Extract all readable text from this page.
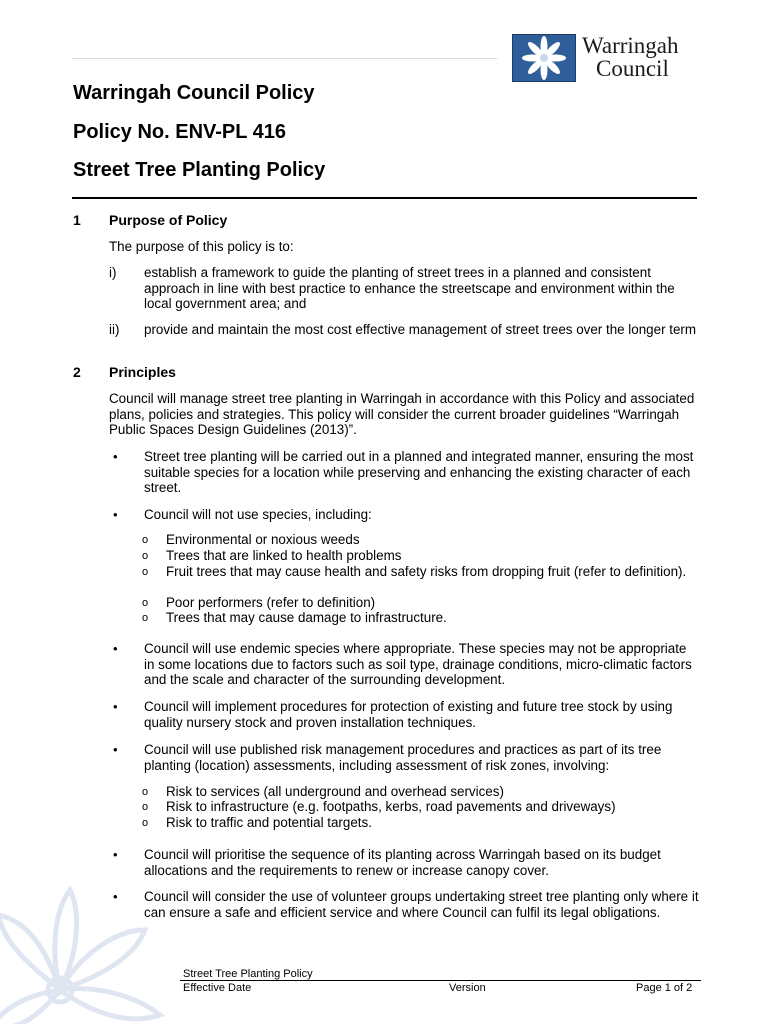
Warringah
Council
Warringah Council Policy
Policy No. ENV-PL 416
Street Tree Planting Policy
1 Purpose of Policy
The purpose of this policy is to:
i) establish a framework to guide the planting of street trees in a planned and consistent approach in line with best practice to enhance the streetscape and environment within the local government area; and
ii) provide and maintain the most cost effective management of street trees over the longer term
2 Principles
Council will manage street tree planting in Warringah in accordance with this Policy and associated plans, policies and strategies. This policy will consider the current broader guidelines “Warringah Public Spaces Design Guidelines (2013)”.
• Street tree planting will be carried out in a planned and integrated manner, ensuring the most suitable species for a location while preserving and enhancing the existing character of each street.
• Council will not use species, including:
o Environmental or noxious weeds
o Trees that are linked to health problems
o Fruit trees that may cause health and safety risks from dropping fruit (refer to definition).
o Poor performers (refer to definition)
o Trees that may cause damage to infrastructure.
• Council will use endemic species where appropriate. These species may not be appropriate in some locations due to factors such as soil type, drainage conditions, micro-climatic factors and the scale and character of the surrounding development.
• Council will implement procedures for protection of existing and future tree stock by using quality nursery stock and proven installation techniques.
• Council will use published risk management procedures and practices as part of its tree planting (location) assessments, including assessment of risk zones, involving:
o Risk to services (all underground and overhead services)
o Risk to infrastructure (e.g. footpaths, kerbs, road pavements and driveways)
o Risk to traffic and potential targets.
• Council will prioritise the sequence of its planting across Warringah based on its budget allocations and the requirements to renew or increase canopy cover.
• Council will consider the use of volunteer groups undertaking street tree planting only where it can ensure a safe and efficient service and where Council can fulfil its legal obligations.
Street Tree Planting Policy
Effective Date	Version	Page 1 of 2
